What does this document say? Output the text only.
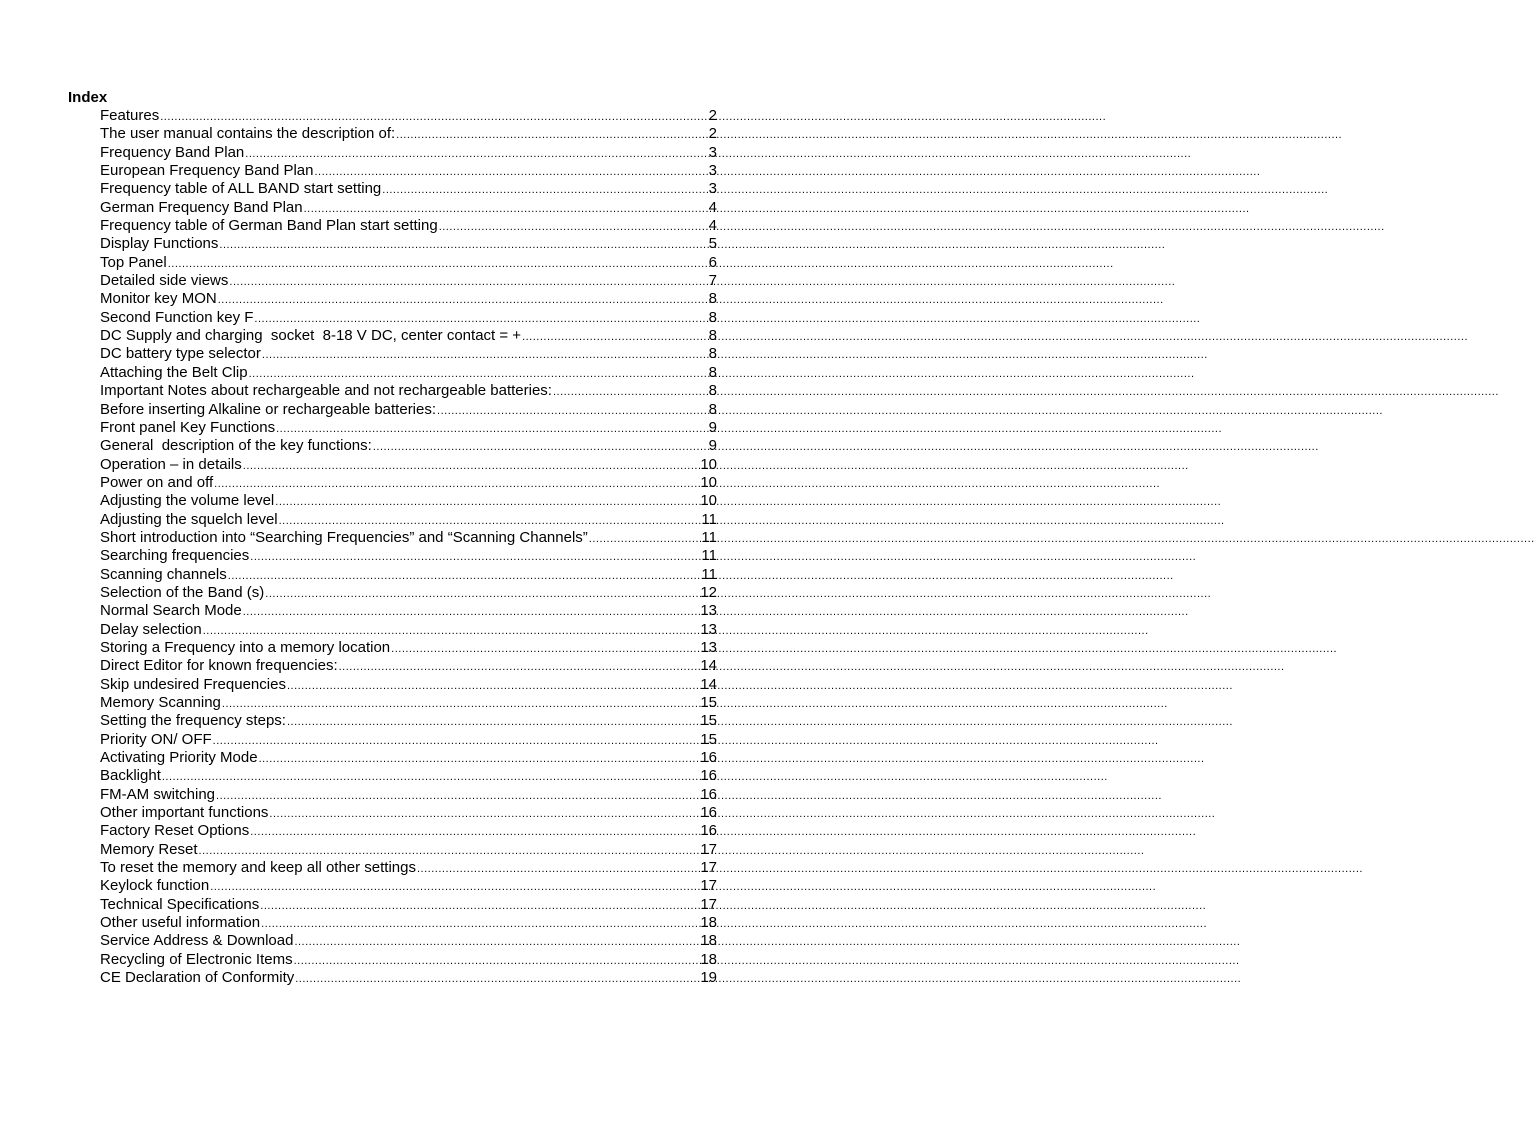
Index
Features .....	2
The user manual contains the description of: .....	2
Frequency Band Plan .....	3
European Frequency Band Plan .....	3
Frequency table of ALL BAND start setting .....	3
German Frequency Band Plan .....	4
Frequency table of German Band Plan start setting .....	4
Display Functions .....	5
Top Panel .....	6
Detailed side views .....	7
Monitor key MON .....	8
Second Function key F .....	8
DC Supply and charging  socket  8-18 V DC, center contact = + .....	8
DC battery type selector .....	8
Attaching the Belt Clip .....	8
Important Notes about rechargeable and not rechargeable batteries: .....	8
Before inserting Alkaline or rechargeable batteries: .....	8
Front panel Key Functions .....	9
General  description of the key functions: .....	9
Operation – in details .....	10
Power on and off .....	10
Adjusting the volume level .....	10
Adjusting the squelch level .....	11
Short introduction into “Searching Frequencies” and “Scanning Channels” .....	11
Searching frequencies .....	11
Scanning channels .....	11
Selection of the Band (s) .....	12
Normal Search Mode .....	13
Delay selection .....	13
Storing a Frequency into a memory location .....	13
Direct Editor for known frequencies: .....	14
Skip undesired Frequencies .....	14
Memory Scanning .....	15
Setting the frequency steps: .....	15
Priority ON/ OFF .....	15
Activating Priority Mode .....	16
Backlight .....	16
FM-AM switching .....	16
Other important functions .....	16
Factory Reset Options .....	16
Memory Reset .....	17
To reset the memory and keep all other settings .....	17
Keylock function .....	17
Technical Specifications .....	17
Other useful information .....	18
Service Address & Download .....	18
Recycling of Electronic Items .....	18
CE Declaration of Conformity .....	19
